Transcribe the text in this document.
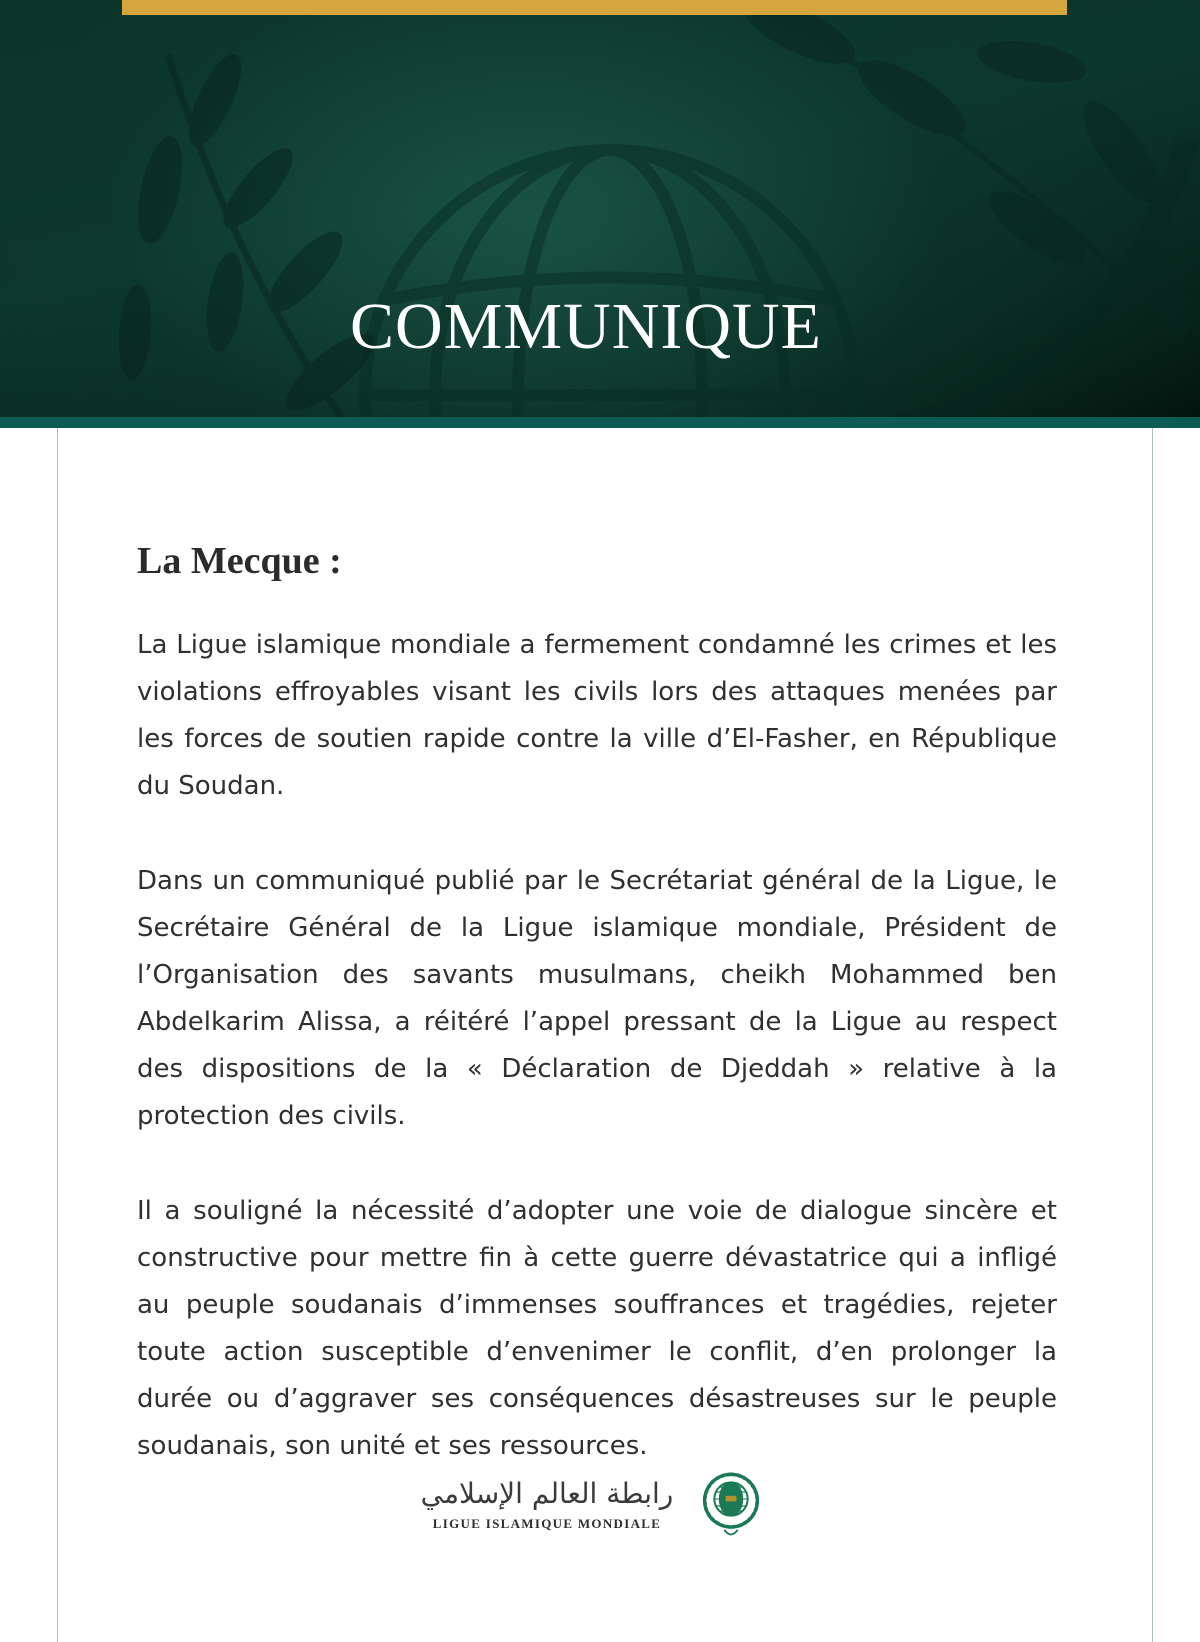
COMMUNIQUE
La Mecque :

La Ligue islamique mondiale a fermement condamné les crimes et les violations effroyables visant les civils lors des attaques menées par les forces de soutien rapide contre la ville d’El-Fasher, en République du Soudan.

Dans un communiqué publié par le Secrétariat général de la Ligue, le Secrétaire Général de la Ligue islamique mondiale, Président de l’Organisation des savants musulmans, cheikh Mohammed ben Abdelkarim Alissa, a réitéré l’appel pressant de la Ligue au respect des dispositions de la « Déclaration de Djeddah » relative à la protection des civils.

Il a souligné la nécessité d’adopter une voie de dialogue sincère et constructive pour mettre fin à cette guerre dévastatrice qui a infligé au peuple soudanais d’immenses souffrances et tragédies, rejeter toute action susceptible d’envenimer le conflit, d’en prolonger la durée ou d’aggraver ses conséquences désastreuses sur le peuple soudanais, son unité et ses ressources.

رابطة العالم الإسلامي
LIGUE ISLAMIQUE MONDIALE
